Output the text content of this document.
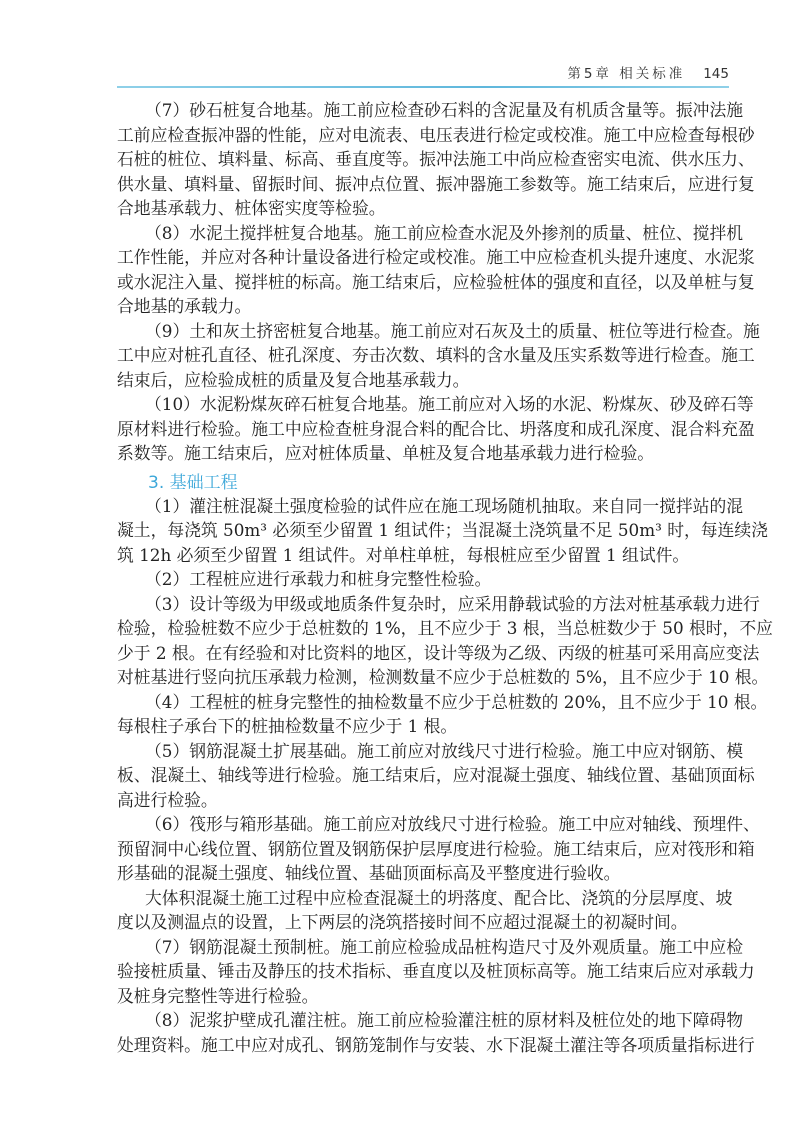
第5章 相关标准 145
（7）砂石桩复合地基。施工前应检查砂石料的含泥量及有机质含量等。振冲法施
工前应检查振冲器的性能，应对电流表、电压表进行检定或校准。施工中应检查每根砂
石桩的桩位、填料量、标高、垂直度等。振冲法施工中尚应检查密实电流、供水压力、
供水量、填料量、留振时间、振冲点位置、振冲器施工参数等。施工结束后，应进行复
合地基承载力、桩体密实度等检验。
（8）水泥土搅拌桩复合地基。施工前应检查水泥及外掺剂的质量、桩位、搅拌机
工作性能，并应对各种计量设备进行检定或校准。施工中应检查机头提升速度、水泥浆
或水泥注入量、搅拌桩的标高。施工结束后，应检验桩体的强度和直径，以及单桩与复
合地基的承载力。
（9）土和灰土挤密桩复合地基。施工前应对石灰及土的质量、桩位等进行检查。施
工中应对桩孔直径、桩孔深度、夯击次数、填料的含水量及压实系数等进行检查。施工
结束后，应检验成桩的质量及复合地基承载力。
（10）水泥粉煤灰碎石桩复合地基。施工前应对入场的水泥、粉煤灰、砂及碎石等
原材料进行检验。施工中应检查桩身混合料的配合比、坍落度和成孔深度、混合料充盈
系数等。施工结束后，应对桩体质量、单桩及复合地基承载力进行检验。
3. 基础工程
（1）灌注桩混凝土强度检验的试件应在施工现场随机抽取。来自同一搅拌站的混
凝土，每浇筑 50m³ 必须至少留置 1 组试件；当混凝土浇筑量不足 50m³ 时，每连续浇
筑 12h 必须至少留置 1 组试件。对单柱单桩，每根桩应至少留置 1 组试件。
（2）工程桩应进行承载力和桩身完整性检验。
（3）设计等级为甲级或地质条件复杂时，应采用静载试验的方法对桩基承载力进行
检验，检验桩数不应少于总桩数的 1%，且不应少于 3 根，当总桩数少于 50 根时，不应
少于 2 根。在有经验和对比资料的地区，设计等级为乙级、丙级的桩基可采用高应变法
对桩基进行竖向抗压承载力检测，检测数量不应少于总桩数的 5%，且不应少于 10 根。
（4）工程桩的桩身完整性的抽检数量不应少于总桩数的 20%，且不应少于 10 根。
每根柱子承台下的桩抽检数量不应少于 1 根。
（5）钢筋混凝土扩展基础。施工前应对放线尺寸进行检验。施工中应对钢筋、模
板、混凝土、轴线等进行检验。施工结束后，应对混凝土强度、轴线位置、基础顶面标
高进行检验。
（6）筏形与箱形基础。施工前应对放线尺寸进行检验。施工中应对轴线、预埋件、
预留洞中心线位置、钢筋位置及钢筋保护层厚度进行检验。施工结束后，应对筏形和箱
形基础的混凝土强度、轴线位置、基础顶面标高及平整度进行验收。
大体积混凝土施工过程中应检查混凝土的坍落度、配合比、浇筑的分层厚度、坡
度以及测温点的设置，上下两层的浇筑搭接时间不应超过混凝土的初凝时间。
（7）钢筋混凝土预制桩。施工前应检验成品桩构造尺寸及外观质量。施工中应检
验接桩质量、锤击及静压的技术指标、垂直度以及桩顶标高等。施工结束后应对承载力
及桩身完整性等进行检验。
（8）泥浆护壁成孔灌注桩。施工前应检验灌注桩的原材料及桩位处的地下障碍物
处理资料。施工中应对成孔、钢筋笼制作与安装、水下混凝土灌注等各项质量指标进行
